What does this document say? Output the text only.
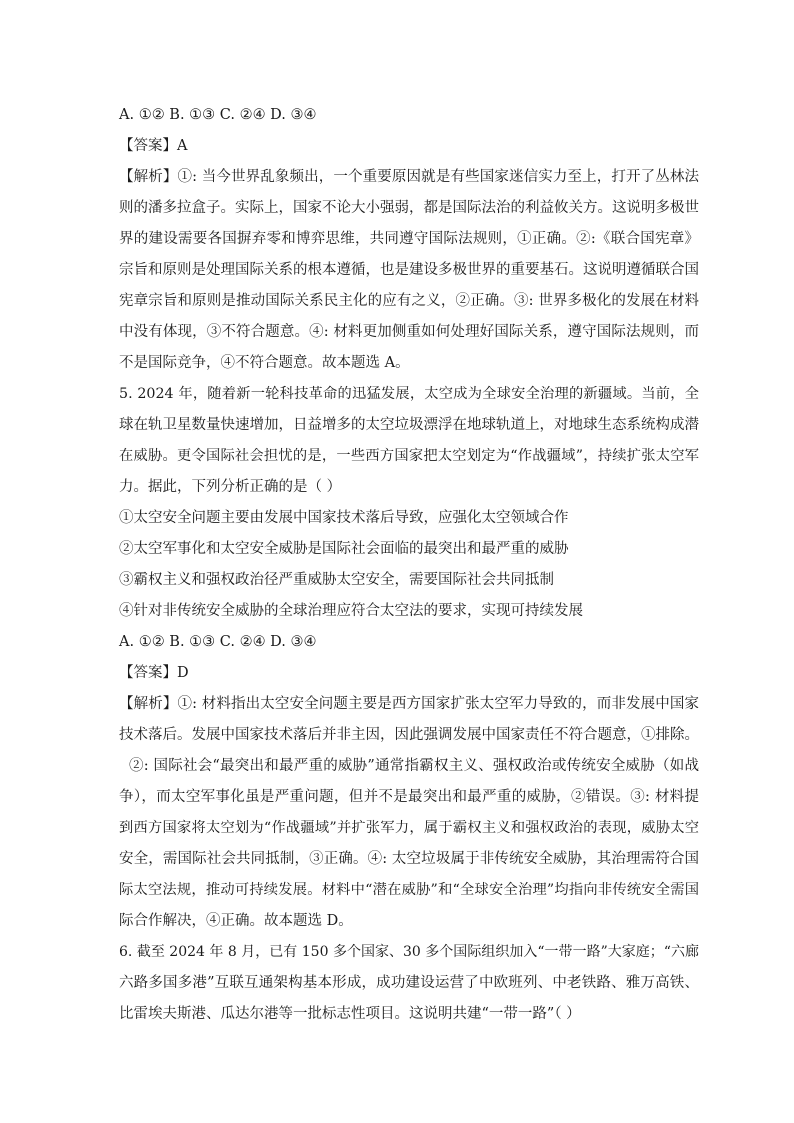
A. ①② B. ①③ C. ②④ D. ③④
【答案】A
【解析】①: 当今世界乱象频出，一个重要原因就是有些国家迷信实力至上，打开了丛林法
则的潘多拉盒子。实际上，国家不论大小强弱，都是国际法治的利益攸关方。这说明多极世
界的建设需要各国摒弃零和博弈思维，共同遵守国际法规则，①正确。②:《联合国宪章》
宗旨和原则是处理国际关系的根本遵循，也是建设多极世界的重要基石。这说明遵循联合国
宪章宗旨和原则是推动国际关系民主化的应有之义，②正确。③: 世界多极化的发展在材料
中没有体现，③不符合题意。④: 材料更加侧重如何处理好国际关系，遵守国际法规则，而
不是国际竞争，④不符合题意。故本题选 A。
5. 2024 年，随着新一轮科技革命的迅猛发展，太空成为全球安全治理的新疆域。当前，全
球在轨卫星数量快速增加，日益增多的太空垃圾漂浮在地球轨道上，对地球生态系统构成潜
在威胁。更令国际社会担忧的是，一些西方国家把太空划定为“作战疆域”，持续扩张太空军
力。据此，下列分析正确的是（ ）
①太空安全问题主要由发展中国家技术落后导致，应强化太空领域合作
②太空军事化和太空安全威胁是国际社会面临的最突出和最严重的威胁
③霸权主义和强权政治径严重威胁太空安全，需要国际社会共同抵制
④针对非传统安全威胁的全球治理应符合太空法的要求，实现可持续发展
A. ①② B. ①③ C. ②④ D. ③④
【答案】D
【解析】①: 材料指出太空安全问题主要是西方国家扩张太空军力导致的，而非发展中国家
技术落后。发展中国家技术落后并非主因，因此强调发展中国家责任不符合题意，①排除。
②: 国际社会“最突出和最严重的威胁”通常指霸权主义、强权政治或传统安全威胁（如战
争），而太空军事化虽是严重问题，但并不是最突出和最严重的威胁，②错误。③: 材料提
到西方国家将太空划为“作战疆域”并扩张军力，属于霸权主义和强权政治的表现，威胁太空
安全，需国际社会共同抵制，③正确。④: 太空垃圾属于非传统安全威胁，其治理需符合国
际太空法规，推动可持续发展。材料中“潜在威胁”和“全球安全治理”均指向非传统安全需国
际合作解决，④正确。故本题选 D。
6. 截至 2024 年 8 月，已有 150 多个国家、30 多个国际组织加入“一带一路”大家庭；“六廊
六路多国多港”互联互通架构基本形成，成功建设运营了中欧班列、中老铁路、雅万高铁、
比雷埃夫斯港、瓜达尔港等一批标志性项目。这说明共建“一带一路”（ ）
